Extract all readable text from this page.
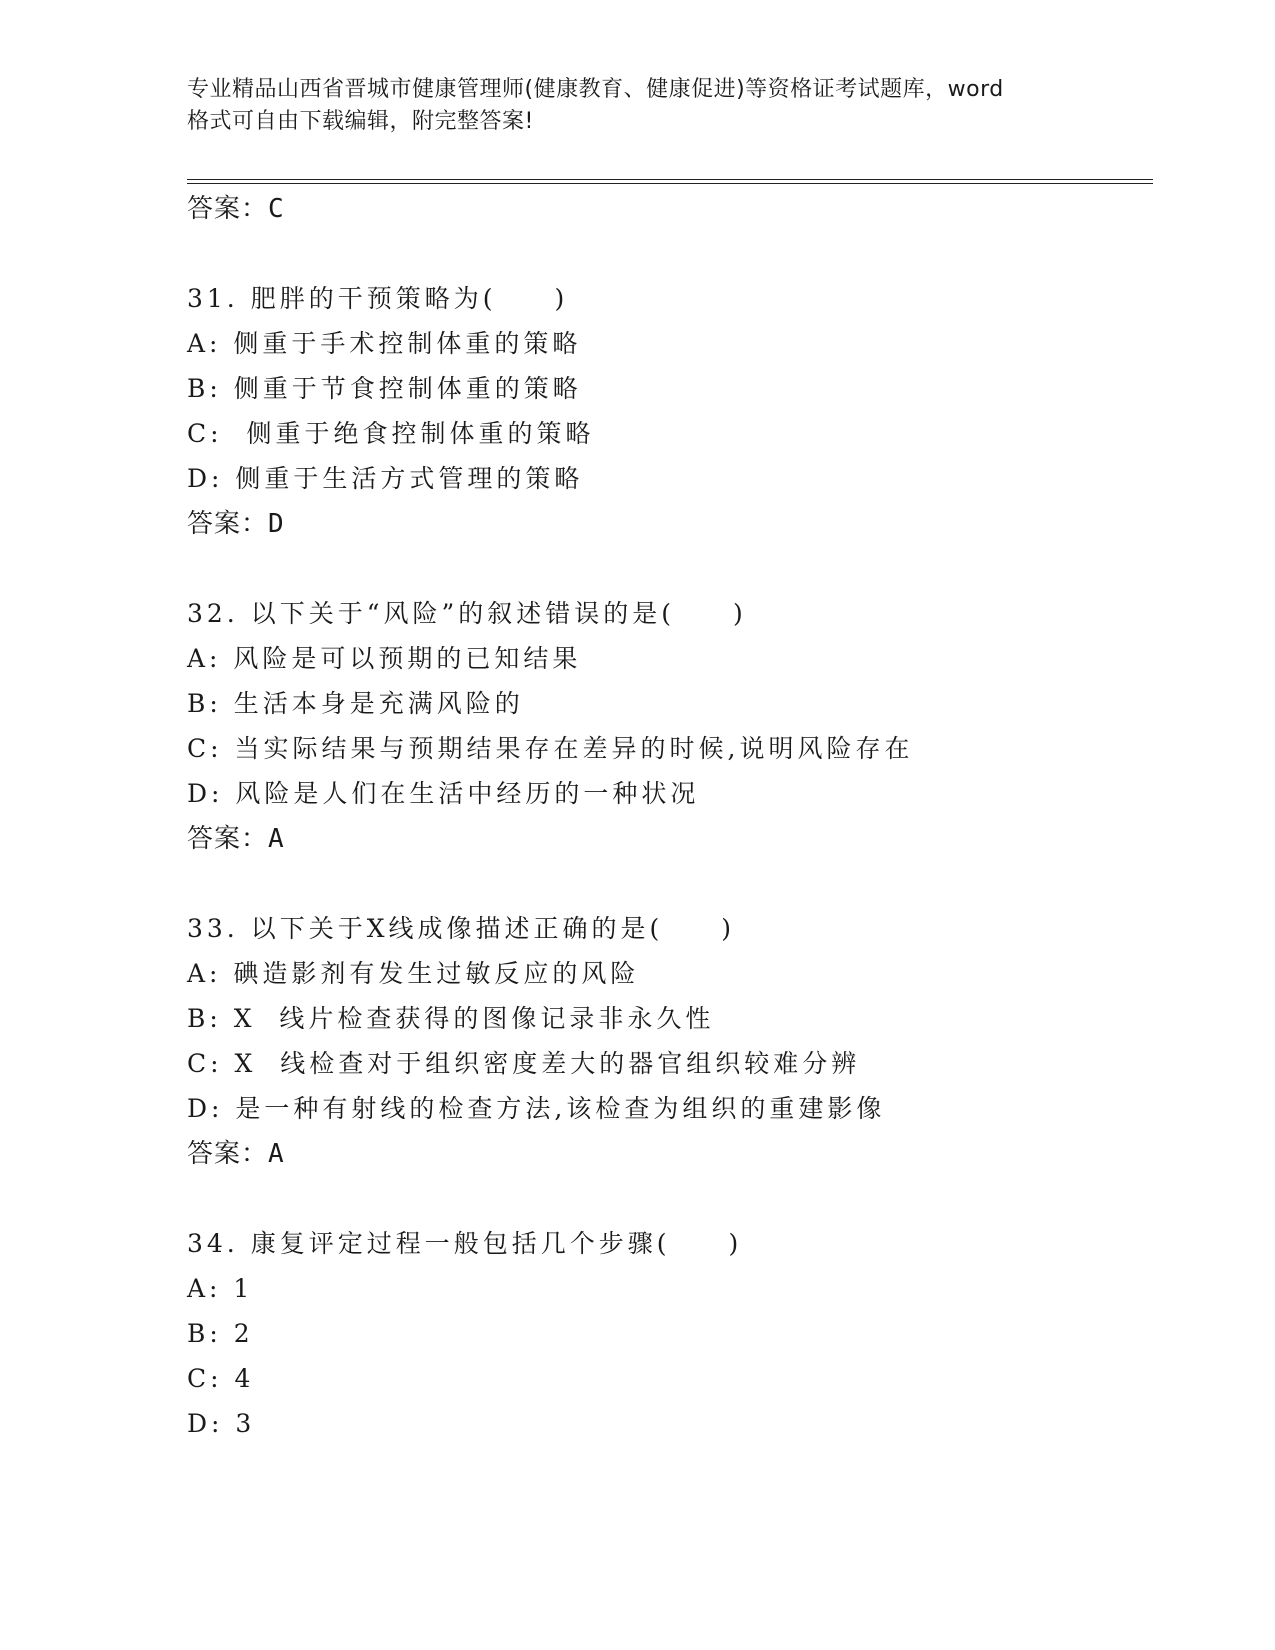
专业精品山西省晋城市健康管理师(健康教育、健康促进)等资格证考试题库，word
格式可自由下载编辑，附完整答案!
答案：C
31. 肥胖的干预策略为(　　)
A: 侧重于手术控制体重的策略
B: 侧重于节食控制体重的策略
C:  侧重于绝食控制体重的策略
D: 侧重于生活方式管理的策略
答案：D
32. 以下关于“风险”的叙述错误的是(　　)
A: 风险是可以预期的已知结果
B: 生活本身是充满风险的
C: 当实际结果与预期结果存在差异的时候,说明风险存在
D: 风险是人们在生活中经历的一种状况
答案：A
33. 以下关于X线成像描述正确的是(　　)
A: 碘造影剂有发生过敏反应的风险
B: X  线片检查获得的图像记录非永久性
C: X  线检查对于组织密度差大的器官组织较难分辨
D: 是一种有射线的检查方法,该检查为组织的重建影像
答案：A
34. 康复评定过程一般包括几个步骤(　　)
A: 1
B: 2
C: 4
D: 3
